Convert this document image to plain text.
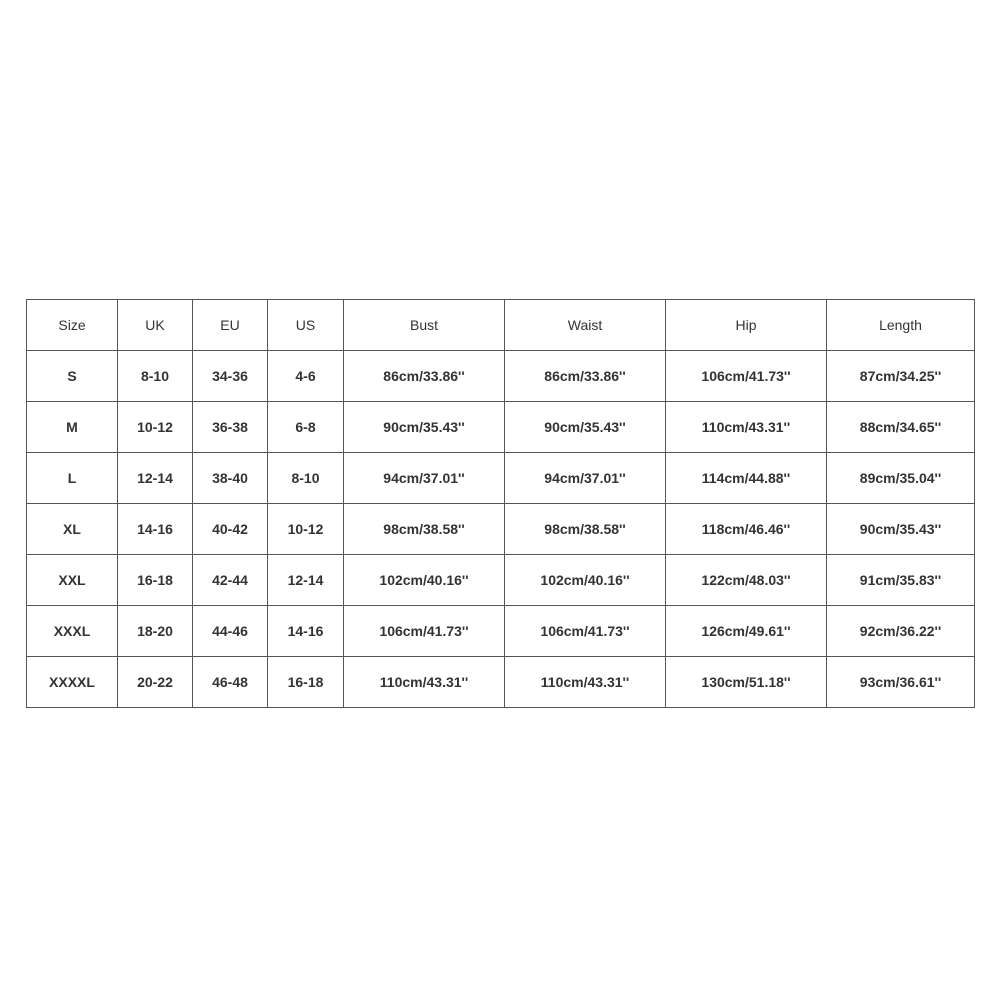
Size	UK	EU	US	Bust	Waist	Hip	Length
S	8-10	34-36	4-6	86cm/33.86''	86cm/33.86''	106cm/41.73''	87cm/34.25''
M	10-12	36-38	6-8	90cm/35.43''	90cm/35.43''	110cm/43.31''	88cm/34.65''
L	12-14	38-40	8-10	94cm/37.01''	94cm/37.01''	114cm/44.88''	89cm/35.04''
XL	14-16	40-42	10-12	98cm/38.58''	98cm/38.58''	118cm/46.46''	90cm/35.43''
XXL	16-18	42-44	12-14	102cm/40.16''	102cm/40.16''	122cm/48.03''	91cm/35.83''
XXXL	18-20	44-46	14-16	106cm/41.73''	106cm/41.73''	126cm/49.61''	92cm/36.22''
XXXXL	20-22	46-48	16-18	110cm/43.31''	110cm/43.31''	130cm/51.18''	93cm/36.61''
